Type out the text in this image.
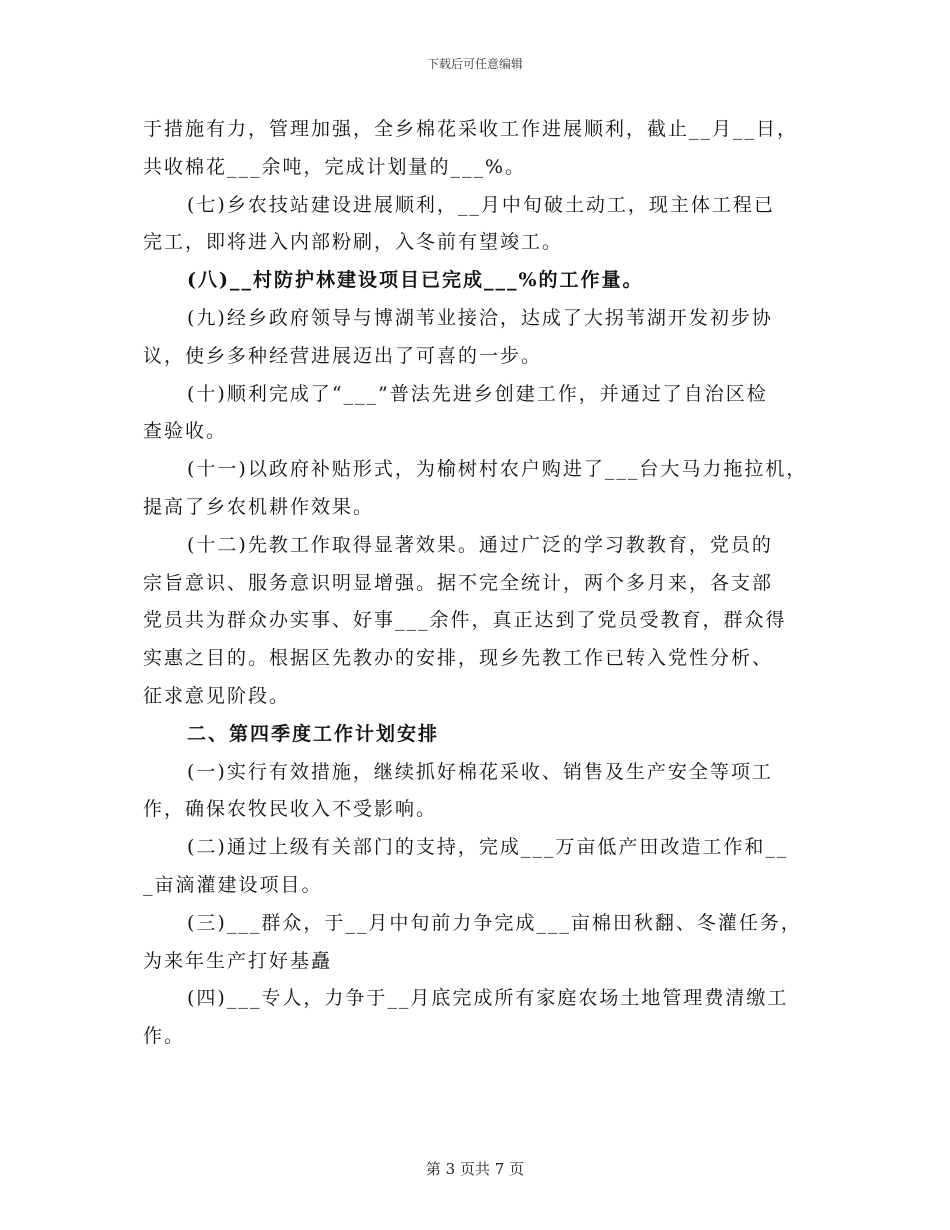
下载后可任意编辑
于措施有力，管理加强，全乡棉花采收工作进展顺利，截止__月__日，
共收棉花___余吨，完成计划量的___%。
(七)乡农技站建设进展顺利，__月中旬破土动工，现主体工程已
完工，即将进入内部粉刷，入冬前有望竣工。
(八)__村防护林建设项目已完成___%的工作量。
(九)经乡政府领导与博湖苇业接洽，达成了大拐苇湖开发初步协
议，使乡多种经营进展迈出了可喜的一步。
(十)顺利完成了“___”普法先进乡创建工作，并通过了自治区检
查验收。
(十一)以政府补贴形式，为榆树村农户购进了___台大马力拖拉机，
提高了乡农机耕作效果。
(十二)先教工作取得显著效果。通过广泛的学习教教育，党员的
宗旨意识、服务意识明显增强。据不完全统计，两个多月来，各支部
党员共为群众办实事、好事___余件，真正达到了党员受教育，群众得
实惠之目的。根据区先教办的安排，现乡先教工作已转入党性分析、
征求意见阶段。
二、第四季度工作计划安排
(一)实行有效措施，继续抓好棉花采收、销售及生产安全等项工
作，确保农牧民收入不受影响。
(二)通过上级有关部门的支持，完成___万亩低产田改造工作和__
_亩滴灌建设项目。
(三)___群众，于__月中旬前力争完成___亩棉田秋翻、冬灌任务，
为来年生产打好基矗
(四)___专人，力争于__月底完成所有家庭农场土地管理费清缴工
作。
第 3 页共 7 页
